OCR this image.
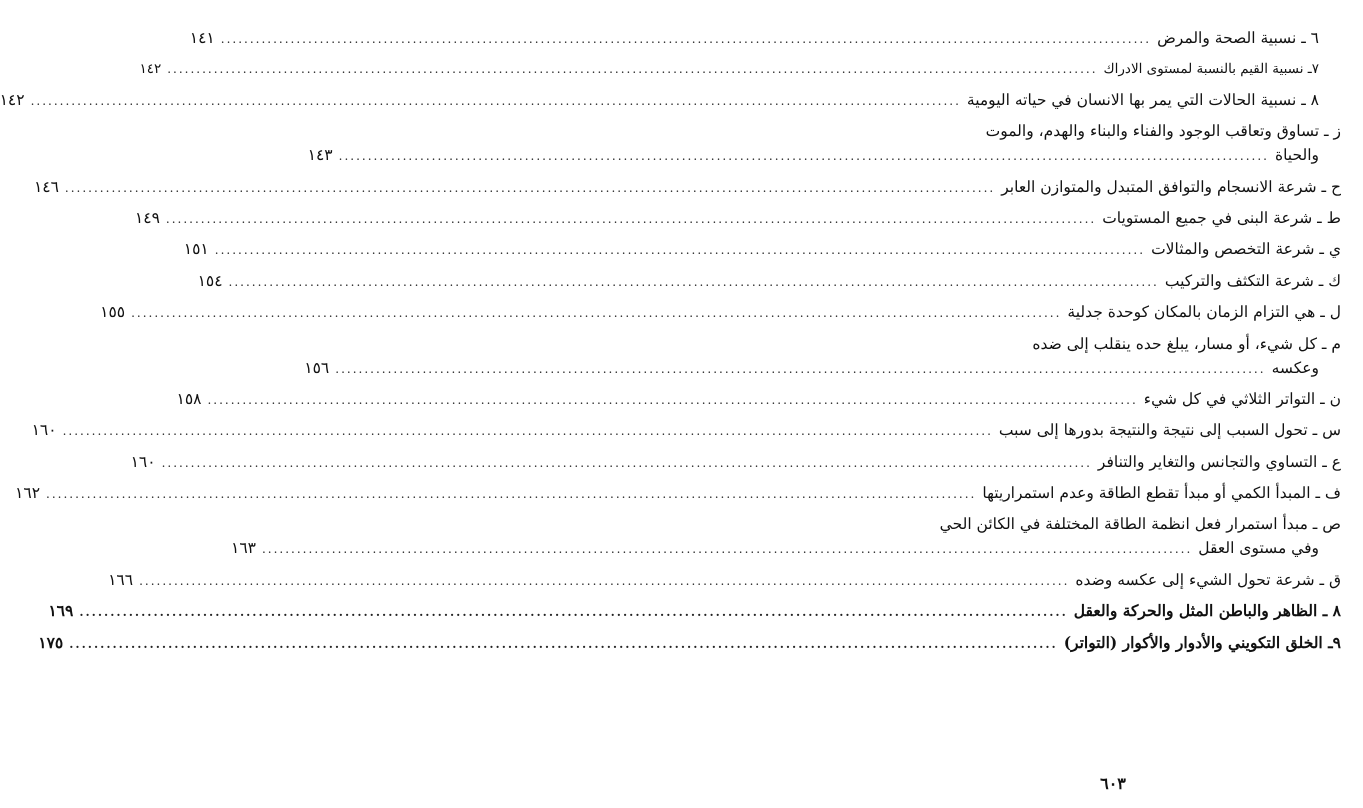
٦ ـ نسبية الصحة والمرض
................................................................................................................................................................
١٤١
٧ـ نسبية القيم بالنسبة لمستوى الادراك
................................................................................................................................................................
١٤٢
٨ ـ نسبية الحالات التي يمر بها الانسان في حياته اليومية
................................................................................................................................................................
١٤٢
ز ـ تساوق وتعاقب الوجود والفناء والبناء والهدم، والموت
والحياة
................................................................................................................................................................
١٤٣
ح ـ شرعة الانسجام والتوافق المتبدل والمتوازن العابر
................................................................................................................................................................
١٤٦
ط ـ شرعة البنى في جميع المستويات
................................................................................................................................................................
١٤٩
ي ـ شرعة التخصص والمثالات
................................................................................................................................................................
١٥١
ك ـ شرعة التكثف والتركيب
................................................................................................................................................................
١٥٤
ل ـ هي التزام الزمان بالمكان كوحدة جدلية
................................................................................................................................................................
١٥٥
م ـ كل شيء، أو مسار، يبلغ حده ينقلب إلى ضده
وعكسه
................................................................................................................................................................
١٥٦
ن ـ التواتر الثلاثي في كل شيء
................................................................................................................................................................
١٥٨
س ـ تحول السبب إلى نتيجة والنتيجة بدورها إلى سبب
................................................................................................................................................................
١٦٠
ع ـ التساوي والتجانس والتغاير والتنافر
................................................................................................................................................................
١٦٠
ف ـ المبدأ الكمي أو مبدأ تقطع الطاقة وعدم استمراريتها
................................................................................................................................................................
١٦٢
ص ـ مبدأ استمرار فعل انظمة الطاقة المختلفة في الكائن الحي
وفي مستوى العقل
................................................................................................................................................................
١٦٣
ق ـ شرعة تحول الشيء إلى عكسه وضده
................................................................................................................................................................
١٦٦
٨ ـ الظاهر والباطن المثل والحركة والعقل
................................................................................................................................................................
١٦٩
٩ـ الخلق التكويني والأدوار والأكوار (التواتر)
................................................................................................................................................................
١٧٥
٦٠٣
